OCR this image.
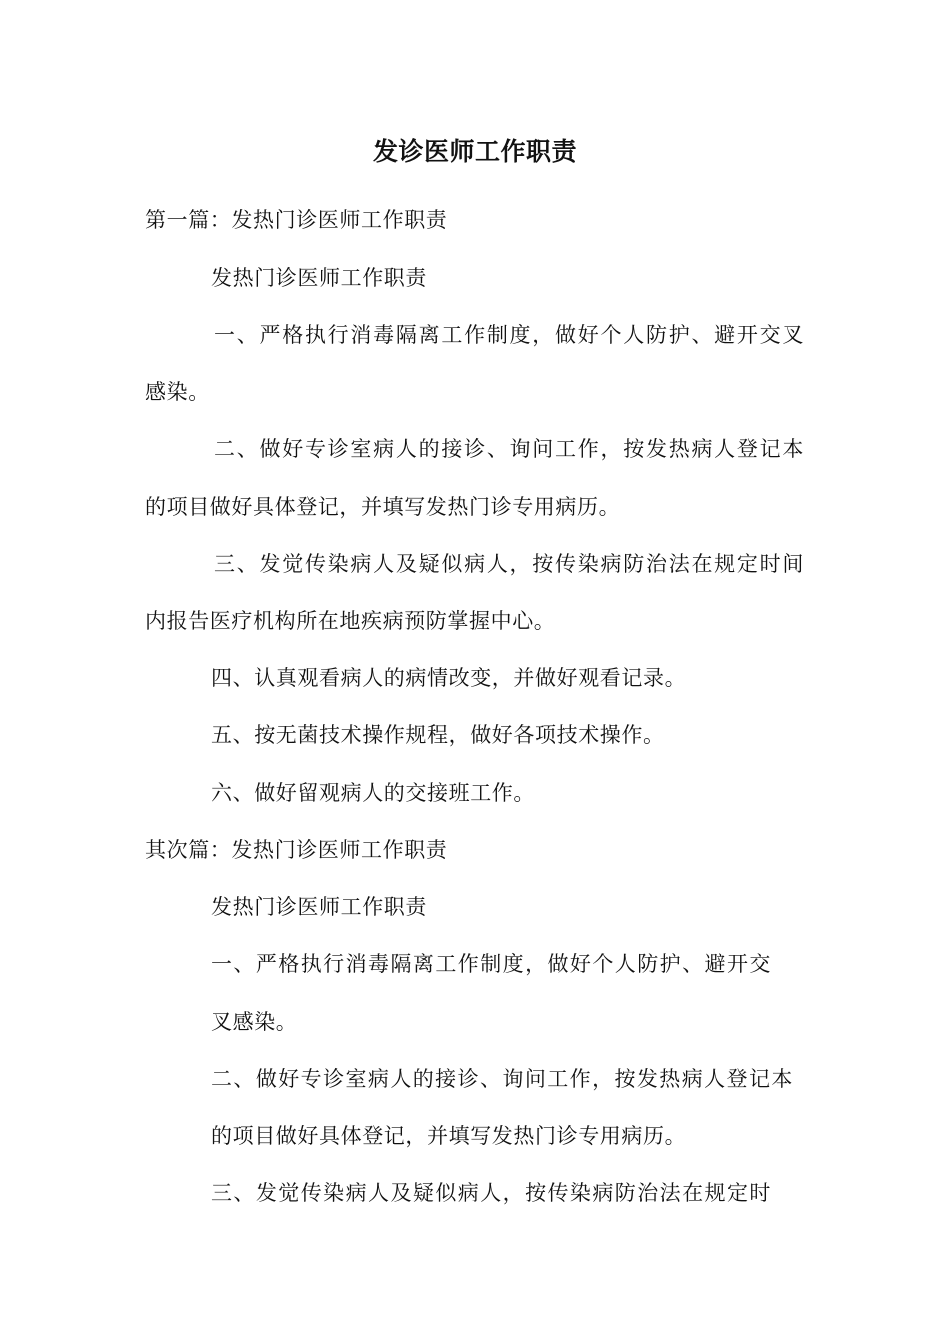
发诊医师工作职责
第一篇：发热门诊医师工作职责
发热门诊医师工作职责
一、严格执行消毒隔离工作制度，做好个人防护、避开交叉
感染。
二、做好专诊室病人的接诊、询问工作，按发热病人登记本
的项目做好具体登记，并填写发热门诊专用病历。
三、发觉传染病人及疑似病人，按传染病防治法在规定时间
内报告医疗机构所在地疾病预防掌握中心。
四、认真观看病人的病情改变，并做好观看记录。
五、按无菌技术操作规程，做好各项技术操作。
六、做好留观病人的交接班工作。
其次篇：发热门诊医师工作职责
发热门诊医师工作职责
一、严格执行消毒隔离工作制度，做好个人防护、避开交
叉感染。
二、做好专诊室病人的接诊、询问工作，按发热病人登记本
的项目做好具体登记，并填写发热门诊专用病历。
三、发觉传染病人及疑似病人，按传染病防治法在规定时
